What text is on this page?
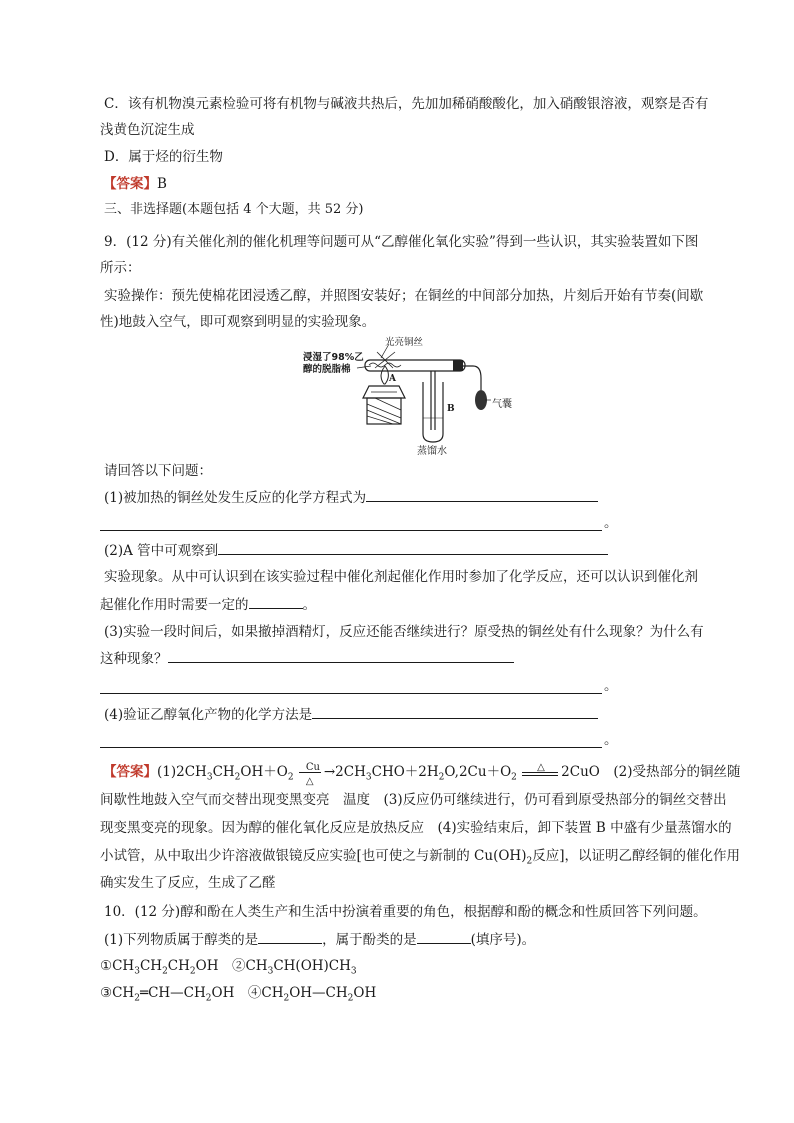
C．该有机物溴元素检验可将有机物与碱液共热后，先加加稀硝酸酸化，加入硝酸银溶液，观察是否有
浅黄色沉淀生成
D．属于烃的衍生物
【答案】B
三、非选择题(本题包括 4 个大题，共 52 分)
9．(12 分)有关催化剂的催化机理等问题可从“乙醇催化氧化实验”得到一些认识，其实验装置如下图
所示：
实验操作：预先使棉花团浸透乙醇，并照图安装好；在铜丝的中间部分加热，片刻后开始有节奏(间歇
性)地鼓入空气，即可观察到明显的实验现象。
光亮铜丝
浸湿了98%乙
醇的脱脂棉
A
B	气囊
蒸馏水
请回答以下问题：
(1)被加热的铜丝处发生反应的化学方程式为
。
(2)A 管中可观察到
实验现象。从中可认识到在该实验过程中催化剂起催化作用时参加了化学反应，还可以认识到催化剂
起催化作用时需要一定的	。
(3)实验一段时间后，如果撤掉酒精灯，反应还能否继续进行？原受热的铜丝处有什么现象？为什么有
这种现象？
。
(4)验证乙醇氧化产物的化学方法是
。
【答案】$(1)2CH_3CH_2OH+O_2$
Cu
△
$\to 2CH_3CHO+2H_2O,2Cu+O_2$
△ 2CuO　(2)受热部分的铜丝随
间歇性地鼓入空气而交替出现变黑变亮　温度　(3)反应仍可继续进行，仍可看到原受热部分的铜丝交替出
现变黑变亮的现象。因为醇的催化氧化反应是放热反应　(4)实验结束后，卸下装置 B 中盛有少量蒸馏水的
小试管，从中取出少许溶液做银镜反应实验[也可使之与新制的 $Cu(OH)_2$反应]，以证明乙醇经铜的催化作用
确实发生了反应，生成了乙醛
10．(12 分)醇和酚在人类生产和生活中扮演着重要的角色，根据醇和酚的概念和性质回答下列问题。
(1)下列物质属于醇类的是	，属于酚类的是	(填序号)。
$①CH_3CH_2CH_2OH$　$②CH_3CH(OH)CH_3$
$③CH_2═CH—CH_2OH$　$④CH_2OH—CH_2OH$
